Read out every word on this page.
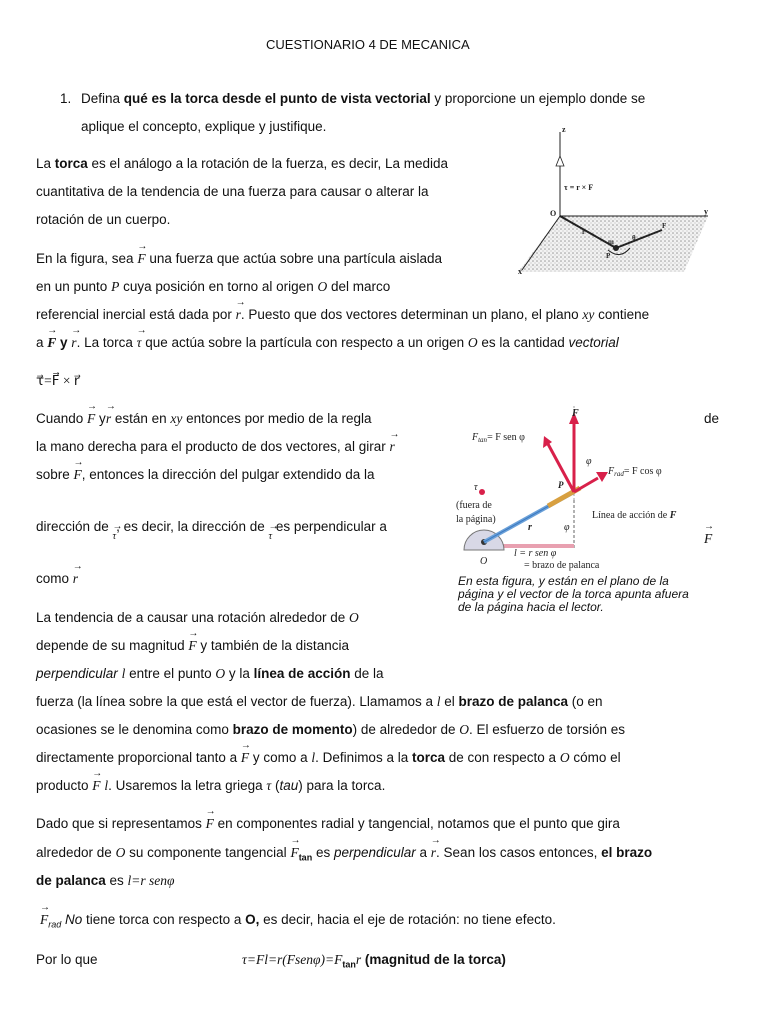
CUESTIONARIO 4 DE MECANICA
1. Defina qué es la torca desde el punto de vista vectorial y proporcione un ejemplo donde se
aplique el concepto, explique y justifique.	z
y
x
O
τ = r × F
r
m
F
P
θ
La torca es el análogo a la rotación de la fuerza, es decir, La medida
cuantitativa de la tendencia de una fuerza para causar o alterar la
rotación de un cuerpo.
En la figura, sea → F una fuerza que actúa sobre una partícula aislada
en un punto P cuya posición en torno al origen O del marco
referencial inercial está dada por → r. Puesto que dos vectores determinan un plano, el plano xy contiene
a → F y → r. La torca → τ que actúa sobre la partícula con respecto a un origen O es la cantidad vectorial
τ⃗=F⃗ × r⃗
Cuando → F y→ r están en xy entonces por medio de la regla	de
la mano derecha para el producto de dos vectores, al girar → r
sobre → F, entonces la dirección del pulgar extendido da la
dirección de → τ, es decir, la dirección de → τ es perpendicular a
→ F
como → r
F
$F_{tan}= F$ sen φ
$F_{rad}= F$ cos φ
φ
φ
P
τ
(fuera de
la página)	Línea de acción de F
r
O
l = r sen φ
= brazo de palanca
En esta figura, y están en el plano de la página y el vector de la torca apunta afuera de la página hacia el lector.
La tendencia de a causar una rotación alrededor de O
depende de su magnitud → F y también de la distancia
perpendicular l entre el punto O y la línea de acción de la
fuerza (la línea sobre la que está el vector de fuerza). Llamamos a l el brazo de palanca (o en
ocasiones se le denomina como brazo de momento) de alrededor de O. El esfuerzo de torsión es
directamente proporcional tanto a → F y como a l. Definimos a la torca de con respecto a O cómo el
producto → F l. Usaremos la letra griega τ (tau) para la torca.
Dado que si representamos → F en componentes radial y tangencial, notamos que el punto que gira
alrededor de O su componente tangencial → $F_{tan}$ es perpendicular a → r. Sean los casos entonces, el brazo
de palanca es l=r senφ
→ $F_{rad}$ No tiene torca con respecto a O, es decir, hacia el eje de rotación: no tiene efecto.
Por lo que	$\tau=Fl=r(Fsen\varphi)=F_{tan}r$ (magnitud de la torca)
